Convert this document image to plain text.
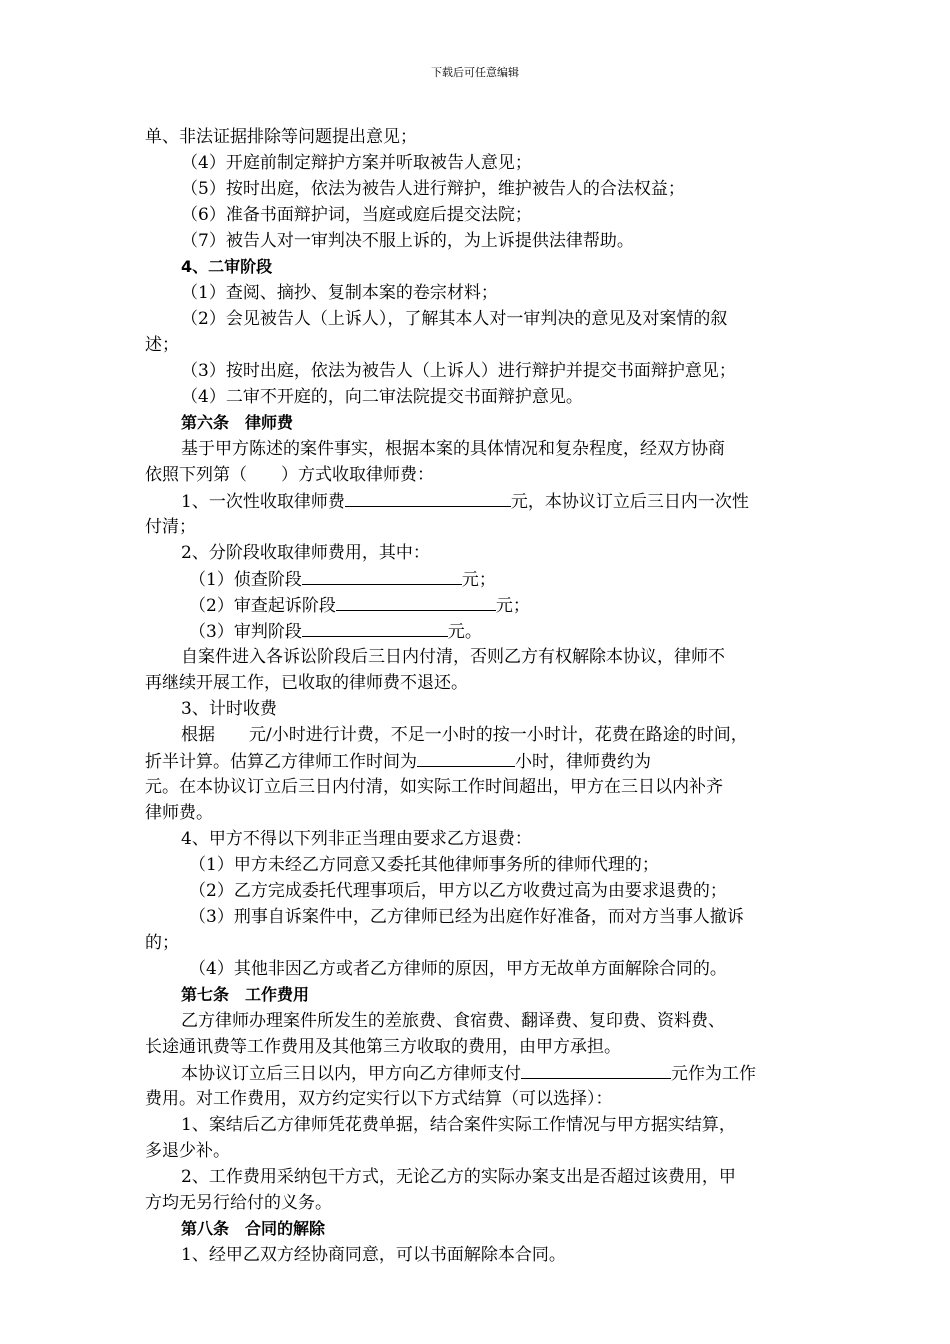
下载后可任意编辑
单、非法证据排除等问题提出意见；
（4）开庭前制定辩护方案并听取被告人意见；
（5）按时出庭，依法为被告人进行辩护，维护被告人的合法权益；
（6）准备书面辩护词，当庭或庭后提交法院；
（7）被告人对一审判决不服上诉的，为上诉提供法律帮助。
4、二审阶段
（1）查阅、摘抄、复制本案的卷宗材料；
（2）会见被告人（上诉人），了解其本人对一审判决的意见及对案情的叙
述；
（3）按时出庭，依法为被告人（上诉人）进行辩护并提交书面辩护意见；
（4）二审不开庭的，向二审法院提交书面辩护意见。
第六条　律师费
基于甲方陈述的案件事实，根据本案的具体情况和复杂程度，经双方协商
依照下列第（　　）方式收取律师费：
1、一次性收取律师费	元，本协议订立后三日内一次性
付清；
2、分阶段收取律师费用，其中：
（1）侦查阶段	元；
（2）审查起诉阶段	元；
（3）审判阶段	元。
自案件进入各诉讼阶段后三日内付清，否则乙方有权解除本协议，律师不
再继续开展工作，已收取的律师费不退还。
3、计时收费
根据　　元/小时进行计费，不足一小时的按一小时计，花费在路途的时间，
折半计算。估算乙方律师工作时间为	小时，律师费约为
元。在本协议订立后三日内付清，如实际工作时间超出，甲方在三日以内补齐
律师费。
4、甲方不得以下列非正当理由要求乙方退费：
（1）甲方未经乙方同意又委托其他律师事务所的律师代理的；
（2）乙方完成委托代理事项后，甲方以乙方收费过高为由要求退费的；
（3）刑事自诉案件中，乙方律师已经为出庭作好准备，而对方当事人撤诉
的；
（4）其他非因乙方或者乙方律师的原因，甲方无故单方面解除合同的。
第七条　工作费用
乙方律师办理案件所发生的差旅费、食宿费、翻译费、复印费、资料费、
长途通讯费等工作费用及其他第三方收取的费用，由甲方承担。
本协议订立后三日以内，甲方向乙方律师支付	元作为工作
费用。对工作费用，双方约定实行以下方式结算（可以选择）：
1、案结后乙方律师凭花费单据，结合案件实际工作情况与甲方据实结算，
多退少补。
2、工作费用采纳包干方式，无论乙方的实际办案支出是否超过该费用，甲
方均无另行给付的义务。
第八条　合同的解除
1、经甲乙双方经协商同意，可以书面解除本合同。
